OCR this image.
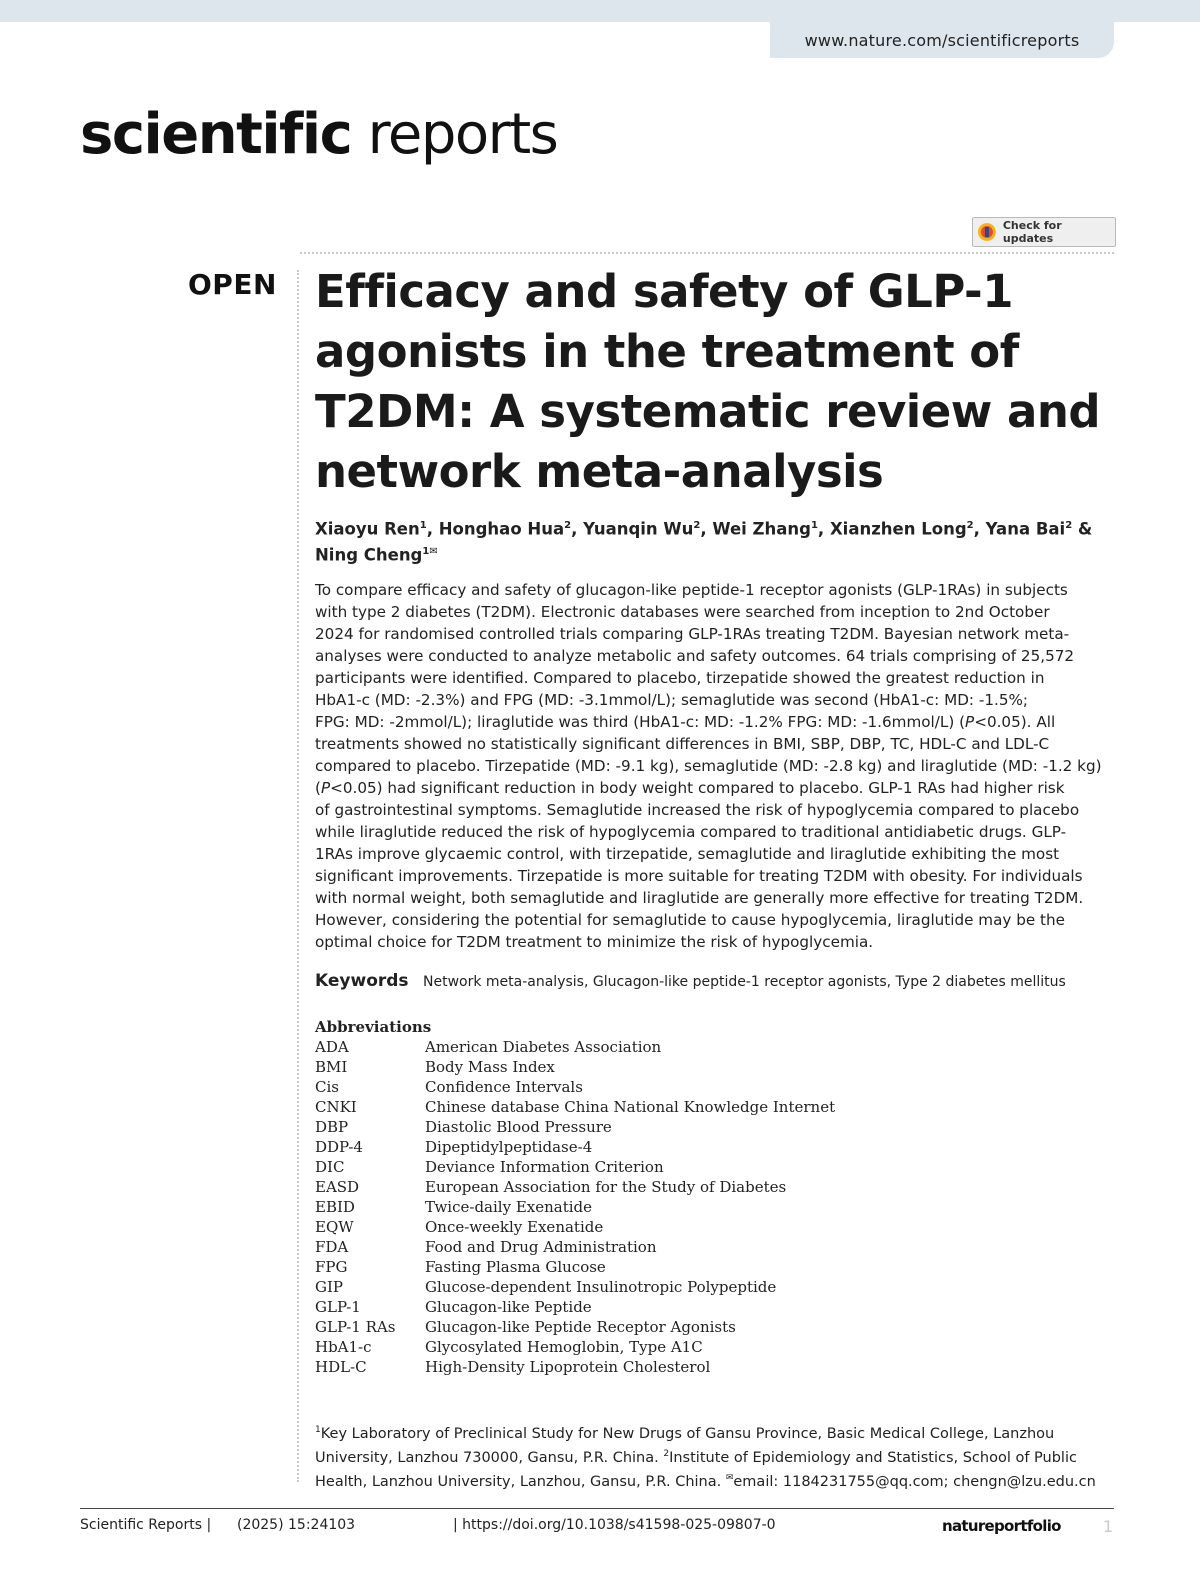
www.nature.com/scientificreports
scientific reports
Check for updates
OPEN Efficacy and safety of GLP-1 agonists in the treatment of T2DM: A systematic review and network meta-analysis
Xiaoyu Ren$^1$, Honghao Hua$^2$, Yuanqin Wu$^2$, Wei Zhang$^1$, Xianzhen Long$^2$, Yana Bai$^2$ &
Ning Cheng$^{1✉}$
To compare efficacy and safety of glucagon-like peptide-1 receptor agonists (GLP-1RAs) in subjects
with type 2 diabetes (T2DM). Electronic databases were searched from inception to 2nd October
2024 for randomised controlled trials comparing GLP-1RAs treating T2DM. Bayesian network meta-
analyses were conducted to analyze metabolic and safety outcomes. 64 trials comprising of 25,572
participants were identified. Compared to placebo, tirzepatide showed the greatest reduction in
HbA1-c (MD: -2.3%) and FPG (MD: -3.1mmol/L); semaglutide was second (HbA1-c: MD: -1.5%;
FPG: MD: -2mmol/L); liraglutide was third (HbA1-c: MD: -1.2% FPG: MD: -1.6mmol/L) (P<0.05). All
treatments showed no statistically significant differences in BMI, SBP, DBP, TC, HDL-C and LDL-C
compared to placebo. Tirzepatide (MD: -9.1 kg), semaglutide (MD: -2.8 kg) and liraglutide (MD: -1.2 kg)
(P<0.05) had significant reduction in body weight compared to placebo. GLP-1 RAs had higher risk
of gastrointestinal symptoms. Semaglutide increased the risk of hypoglycemia compared to placebo
while liraglutide reduced the risk of hypoglycemia compared to traditional antidiabetic drugs. GLP-
1RAs improve glycaemic control, with tirzepatide, semaglutide and liraglutide exhibiting the most
significant improvements. Tirzepatide is more suitable for treating T2DM with obesity. For individuals
with normal weight, both semaglutide and liraglutide are generally more effective for treating T2DM.
However, considering the potential for semaglutide to cause hypoglycemia, liraglutide may be the
optimal choice for T2DM treatment to minimize the risk of hypoglycemia.
Keywords Network meta-analysis, Glucagon-like peptide-1 receptor agonists, Type 2 diabetes mellitus
Abbreviations
ADA	American Diabetes Association
BMI	Body Mass Index
Cis	Confidence Intervals
CNKI	Chinese database China National Knowledge Internet
DBP	Diastolic Blood Pressure
DDP-4	Dipeptidylpeptidase-4
DIC	Deviance Information Criterion
EASD	European Association for the Study of Diabetes
EBID	Twice-daily Exenatide
EQW	Once-weekly Exenatide
FDA	Food and Drug Administration
FPG	Fasting Plasma Glucose
GIP	Glucose-dependent Insulinotropic Polypeptide
GLP-1	Glucagon-like Peptide
GLP-1 RAs	Glucagon-like Peptide Receptor Agonists
HbA1-c	Glycosylated Hemoglobin, Type A1C
HDL-C	High-Density Lipoprotein Cholesterol
$^1$Key Laboratory of Preclinical Study for New Drugs of Gansu Province, Basic Medical College, Lanzhou University, Lanzhou 730000, Gansu, P.R. China. $^2$Institute of Epidemiology and Statistics, School of Public Health, Lanzhou University, Lanzhou, Gansu, P.R. China. ✉email: 1184231755@qq.com; chengn@lzu.edu.cn
Scientific Reports | (2025) 15:24103	| https://doi.org/10.1038/s41598-025-09807-0	natureportfolio	1
